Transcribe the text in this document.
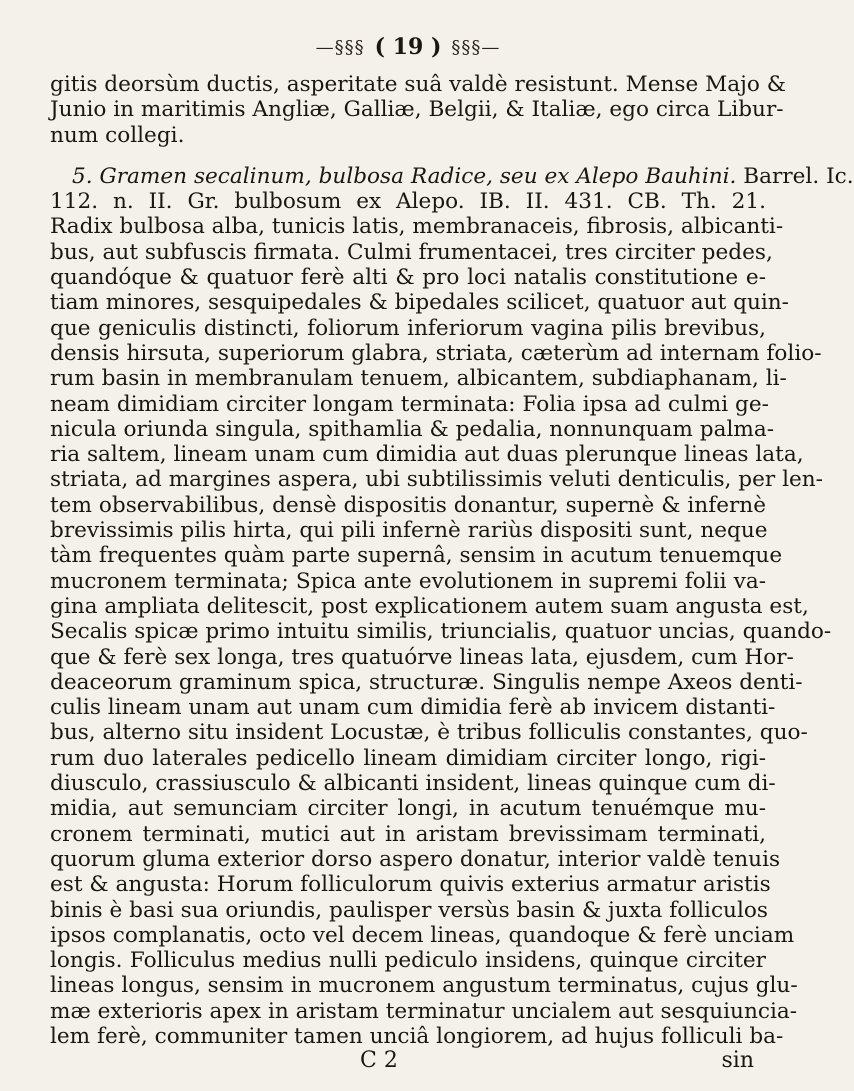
—§§§ ( 19 ) §§§—

gitis deorsùm ductis, asperitate suâ valdè resistunt. Mense Majo &
Junio in maritimis Angliæ, Galliæ, Belgii, & Italiæ, ego circa Libur-
num collegi.

5. Gramen secalinum, bulbosa Radice, seu ex Alepo Bauhini. Barrel. Ic.
112. n. II. Gr. bulbosum ex Alepo. IB. II. 431. CB. Th. 21.
Radix bulbosa alba, tunicis latis, membranaceis, fibrosis, albicanti-
bus, aut subfuscis firmata. Culmi frumentacei, tres circiter pedes,
quandóque & quatuor ferè alti & pro loci natalis constitutione e-
tiam minores, sesquipedales & bipedales scilicet, quatuor aut quin-
que geniculis distincti, foliorum inferiorum vagina pilis brevibus,
densis hirsuta, superiorum glabra, striata, cæterùm ad internam folio-
rum basin in membranulam tenuem, albicantem, subdiaphanam, li-
neam dimidiam circiter longam terminata: Folia ipsa ad culmi ge-
nicula oriunda singula, spithamlia & pedalia, nonnunquam palma-
ria saltem, lineam unam cum dimidia aut duas plerunque lineas lata,
striata, ad margines aspera, ubi subtilissimis veluti denticulis, per len-
tem observabilibus, densè dispositis donantur, supernè & infernè
brevissimis pilis hirta, qui pili infernè rariùs dispositi sunt, neque
tàm frequentes quàm parte supernâ, sensim in acutum tenuemque
mucronem terminata; Spica ante evolutionem in supremi folii va-
gina ampliata delitescit, post explicationem autem suam angusta est,
Secalis spicæ primo intuitu similis, triuncialis, quatuor uncias, quando-
que & ferè sex longa, tres quatuórve lineas lata, ejusdem, cum Hor-
deaceorum graminum spica, structuræ. Singulis nempe Axeos denti-
culis lineam unam aut unam cum dimidia ferè ab invicem distanti-
bus, alterno situ insident Locustæ, è tribus folliculis constantes, quo-
rum duo laterales pedicello lineam dimidiam circiter longo, rigi-
diusculo, crassiusculo & albicanti insident, lineas quinque cum di-
midia, aut semunciam circiter longi, in acutum tenuémque mu-
cronem terminati, mutici aut in aristam brevissimam terminati,
quorum gluma exterior dorso aspero donatur, interior valdè tenuis
est & angusta: Horum folliculorum quivis exterius armatur aristis
binis è basi sua oriundis, paulisper versùs basin & juxta folliculos
ipsos complanatis, octo vel decem lineas, quandoque & ferè unciam
longis. Folliculus medius nulli pediculo insidens, quinque circiter
lineas longus, sensim in mucronem angustum terminatus, cujus glu-
mæ exterioris apex in aristam terminatur uncialem aut sesquiuncia-
lem ferè, communiter tamen unciâ longiorem, ad hujus folliculi ba-

C 2	sin
